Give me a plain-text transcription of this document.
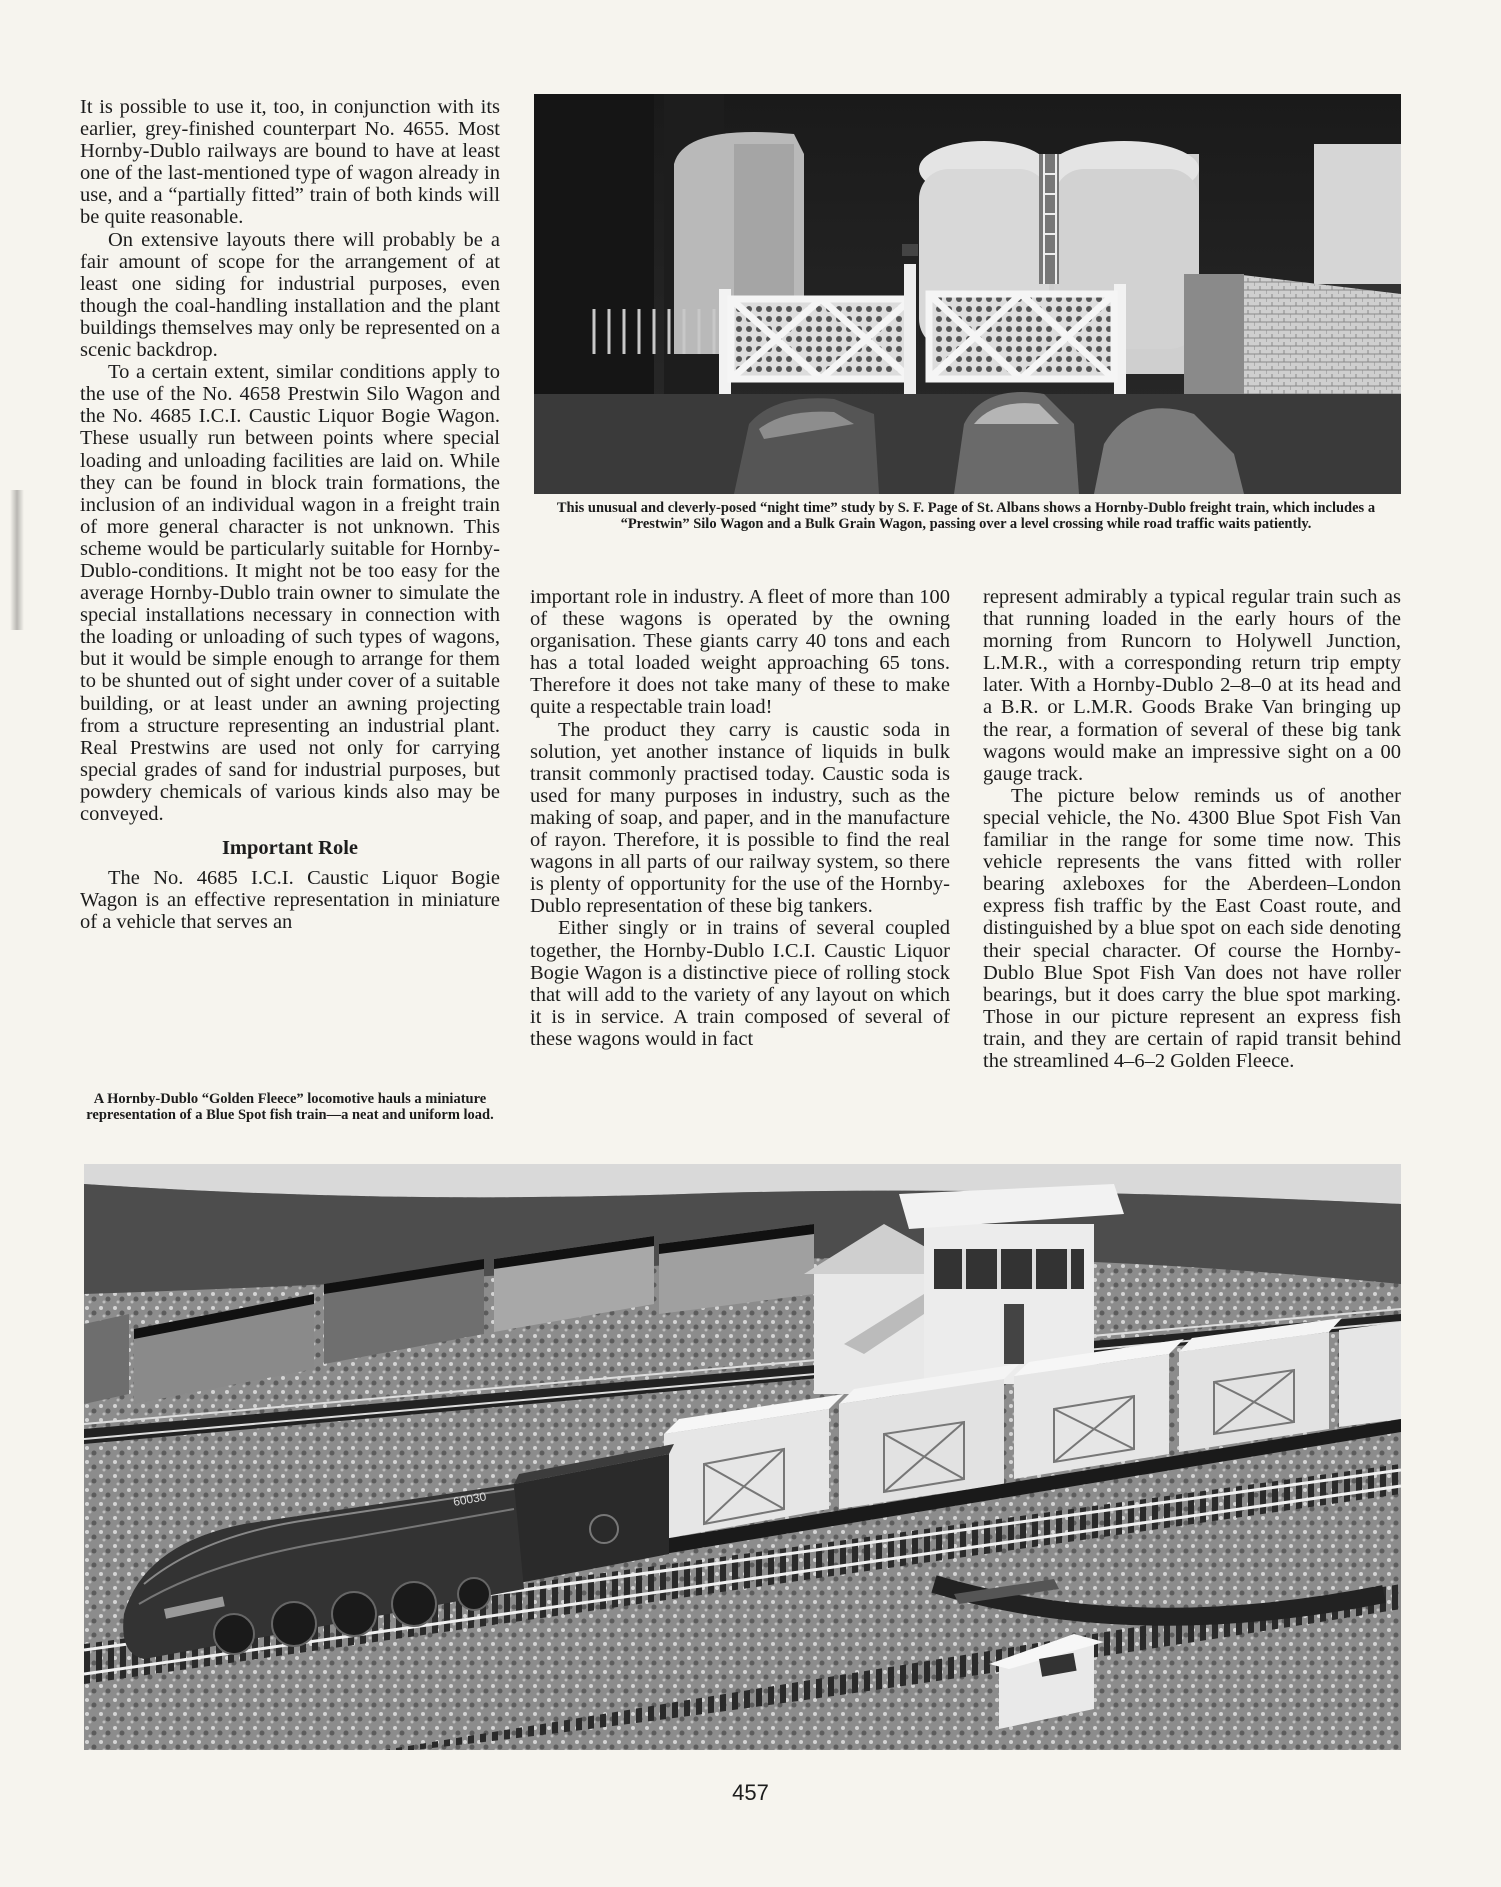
It is possible to use it, too, in conjunction with its earlier, grey-finished counterpart No. 4655. Most Hornby-Dublo railways are bound to have at least one of the last-mentioned type of wagon already in use, and a “partially fitted” train of both kinds will be quite reasonable.

On extensive layouts there will probably be a fair amount of scope for the arrangement of at least one siding for industrial purposes, even though the coal-handling installation and the plant buildings themselves may only be represented on a scenic backdrop.

To a certain extent, similar conditions apply to the use of the No. 4658 Prestwin Silo Wagon and the No. 4685 I.C.I. Caustic Liquor Bogie Wagon. These usually run between points where special loading and unloading facilities are laid on. While they can be found in block train formations, the inclusion of an individual wagon in a freight train of more general character is not unknown. This scheme would be particularly suitable for Hornby-Dublo-conditions. It might not be too easy for the average Hornby-Dublo train owner to simulate the special installations necessary in connection with the loading or unloading of such types of wagons, but it would be simple enough to arrange for them to be shunted out of sight under cover of a suitable building, or at least under an awning projecting from a structure representing an industrial plant. Real Prestwins are used not only for carrying special grades of sand for industrial purposes, but powdery chemicals of various kinds also may be conveyed.

Important Role

The No. 4685 I.C.I. Caustic Liquor Bogie Wagon is an effective representation in miniature of a vehicle that serves an

A Hornby-Dublo “Golden Fleece” locomotive hauls a miniature representation of a Blue Spot fish train—a neat and uniform load.
This unusual and cleverly-posed “night time” study by S. F. Page of St. Albans shows a Hornby-Dublo freight train, which includes a “Prestwin” Silo Wagon and a Bulk Grain Wagon, passing over a level crossing while road traffic waits patiently.

important role in industry. A fleet of more than 100 of these wagons is operated by the owning organisation. These giants carry 40 tons and each has a total loaded weight approaching 65 tons. Therefore it does not take many of these to make quite a respectable train load!

The product they carry is caustic soda in solution, yet another instance of liquids in bulk transit commonly practised today. Caustic soda is used for many purposes in industry, such as the making of soap, and paper, and in the manufacture of rayon. Therefore, it is possible to find the real wagons in all parts of our railway system, so there is plenty of opportunity for the use of the Hornby-Dublo representation of these big tankers.

Either singly or in trains of several coupled together, the Hornby-Dublo I.C.I. Caustic Liquor Bogie Wagon is a distinctive piece of rolling stock that will add to the variety of any layout on which it is in service. A train composed of several of these wagons would in fact

represent admirably a typical regular train such as that running loaded in the early hours of the morning from Runcorn to Holywell Junction, L.M.R., with a corresponding return trip empty later. With a Hornby-Dublo 2–8–0 at its head and a B.R. or L.M.R. Goods Brake Van bringing up the rear, a formation of several of these big tank wagons would make an impressive sight on a 00 gauge track.

The picture below reminds us of another special vehicle, the No. 4300 Blue Spot Fish Van familiar in the range for some time now. This vehicle represents the vans fitted with roller bearing axleboxes for the Aberdeen–London express fish traffic by the East Coast route, and distinguished by a blue spot on each side denoting their special character. Of course the Hornby-Dublo Blue Spot Fish Van does not have roller bearings, but it does carry the blue spot marking. Those in our picture represent an express fish train, and they are certain of rapid transit behind the streamlined 4–6–2 Golden Fleece.

60030
457
